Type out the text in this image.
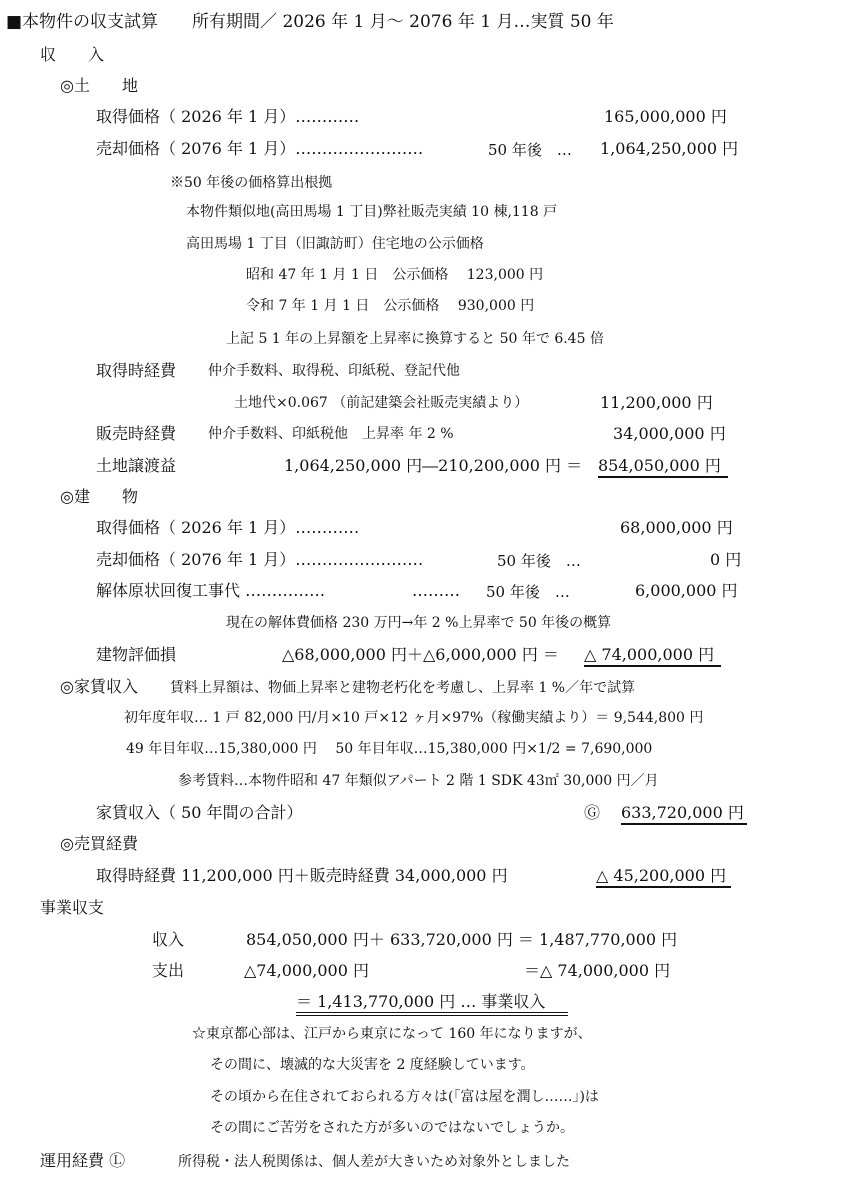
■本物件の収支試算　　所有期間／ 2026 年 1 月～ 2076 年 1 月…実質 50 年
収　　入
◎土　　地
取得価格（ 2026 年 1 月）…………	165,000,000 円
売却価格（ 2076 年 1 月）……………………	50 年後　… 1,064,250,000 円
※50 年後の価格算出根拠
本物件類似地(高田馬場 1 丁目)弊社販売実績 10 棟,118 戸
高田馬場 1 丁目（旧諏訪町）住宅地の公示価格
昭和 47 年 1 月 1 日　公示価格　 123,000 円
令和 7 年 1 月 1 日　公示価格　 930,000 円
上記 5 1 年の上昇額を上昇率に換算すると 50 年で 6.45 倍
取得時経費 仲介手数料、取得税、印紙税、登記代他
土地代×0.067 （前記建築会社販売実績より）	11,200,000 円
販売時経費 仲介手数料、印紙税他　上昇率 年 2 %	34,000,000 円
土地譲渡益	1,064,250,000 円―210,200,000 円 ＝ 854,050,000 円
◎建　　物
取得価格（ 2026 年 1 月）…………	68,000,000 円
売却価格（ 2076 年 1 月）……………………	50 年後　…	0 円
解体原状回復工事代 ……………	……… 50 年後　…	6,000,000 円
現在の解体費価格 230 万円→年 2 %上昇率で 50 年後の概算
建物評価損	△68,000,000 円＋△6,000,000 円 ＝ △ 74,000,000 円
◎家賃収入 賃料上昇額は、物価上昇率と建物老朽化を考慮し、上昇率 1 %／年で試算
初年度年収… 1 戸 82,000 円/月×10 戸×12 ヶ月×97%（稼働実績より）＝ 9,544,800 円
49 年目年収…15,380,000 円　 50 年目年収…15,380,000 円×1/2 = 7,690,000
参考賃料…本物件昭和 47 年類似アパート 2 階 1 SDK 43㎡ 30,000 円／月
家賃収入（ 50 年間の合計）	Ⓖ 633,720,000 円
◎売買経費
取得時経費 11,200,000 円＋販売時経費 34,000,000 円	△ 45,200,000 円
事業収支
収入	854,050,000 円＋ 633,720,000 円 ＝ 1,487,770,000 円
支出	△74,000,000 円	＝△ 74,000,000 円
＝ 1,413,770,000 円 … 事業収入
☆東京都心部は、江戸から東京になって 160 年になりますが、
その間に、壊滅的な大災害を 2 度経験しています。
その頃から在住されておられる方々は(「富は屋を潤し……」)は
その間にご苦労をされた方が多いのではないでしょうか。
運用経費 Ⓛ	所得税・法人税関係は、個人差が大きいため対象外としました
